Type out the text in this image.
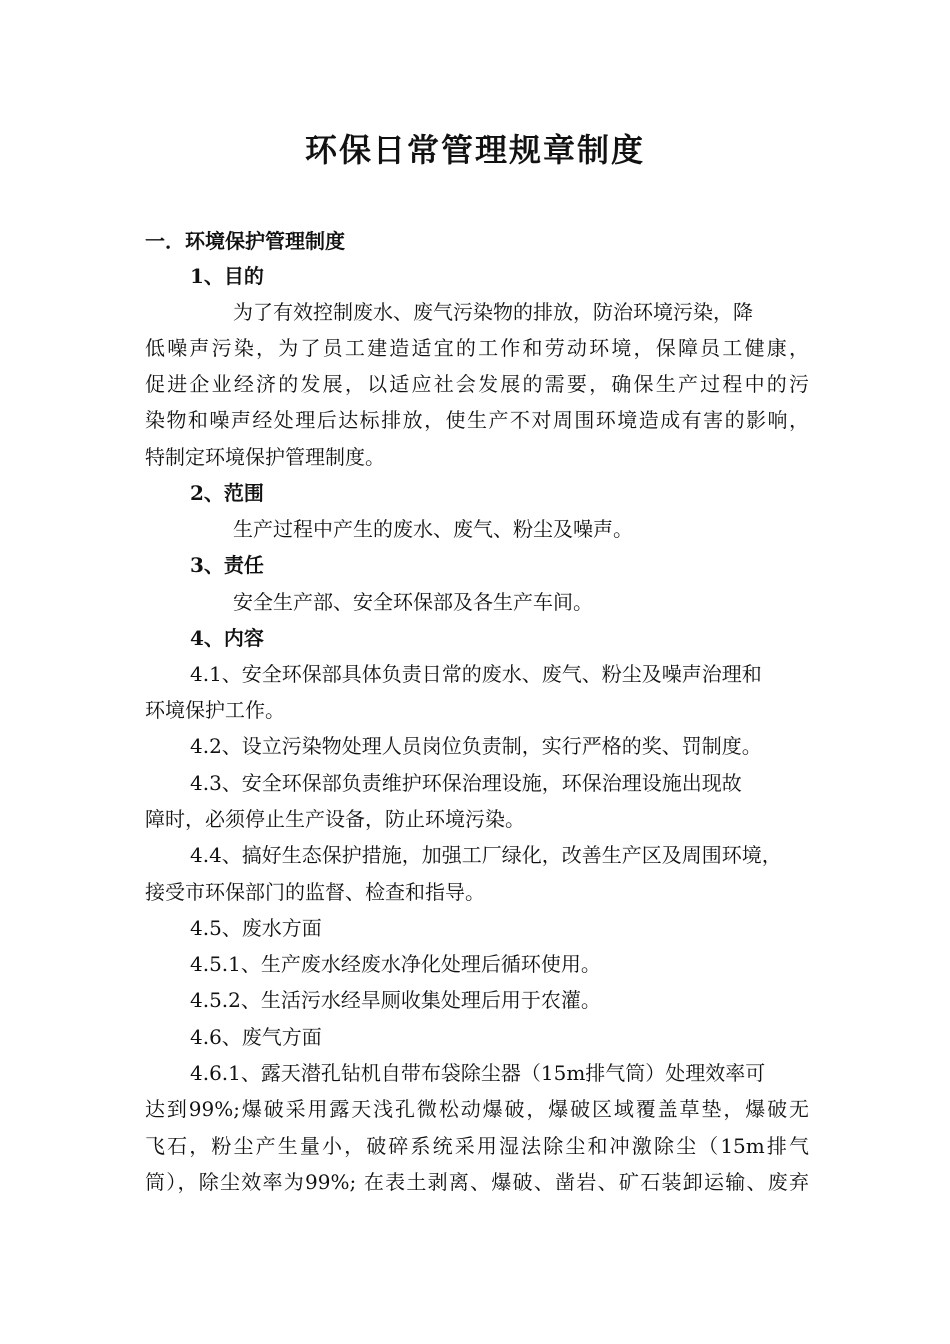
环保日常管理规章制度
一．环境保护管理制度
1、目的
为了有效控制废水、废气污染物的排放，防治环境污染，降
低噪声污染，为了员工建造适宜的工作和劳动环境，保障员工健康，
促进企业经济的发展，以适应社会发展的需要，确保生产过程中的污
染物和噪声经处理后达标排放，使生产不对周围环境造成有害的影响，
特制定环境保护管理制度。
2、范围
生产过程中产生的废水、废气、粉尘及噪声。
3、责任
安全生产部、安全环保部及各生产车间。
4、内容
4.1、安全环保部具体负责日常的废水、废气、粉尘及噪声治理和
环境保护工作。
4.2、设立污染物处理人员岗位负责制，实行严格的奖、罚制度。
4.3、安全环保部负责维护环保治理设施，环保治理设施出现故
障时，必须停止生产设备，防止环境污染。
4.4、搞好生态保护措施，加强工厂绿化，改善生产区及周围环境，
接受市环保部门的监督、检查和指导。
4.5、废水方面
4.5.1、生产废水经废水净化处理后循环使用。
4.5.2、生活污水经旱厕收集处理后用于农灌。
4.6、废气方面
4.6.1、露天潜孔钻机自带布袋除尘器（15m排气筒）处理效率可
达到99%;爆破采用露天浅孔微松动爆破，爆破区域覆盖草垫，爆破无
飞石，粉尘产生量小，破碎系统采用湿法除尘和冲激除尘（15m排气
筒），除尘效率为99%; 在表土剥离、爆破、凿岩、矿石装卸运输、废弃
